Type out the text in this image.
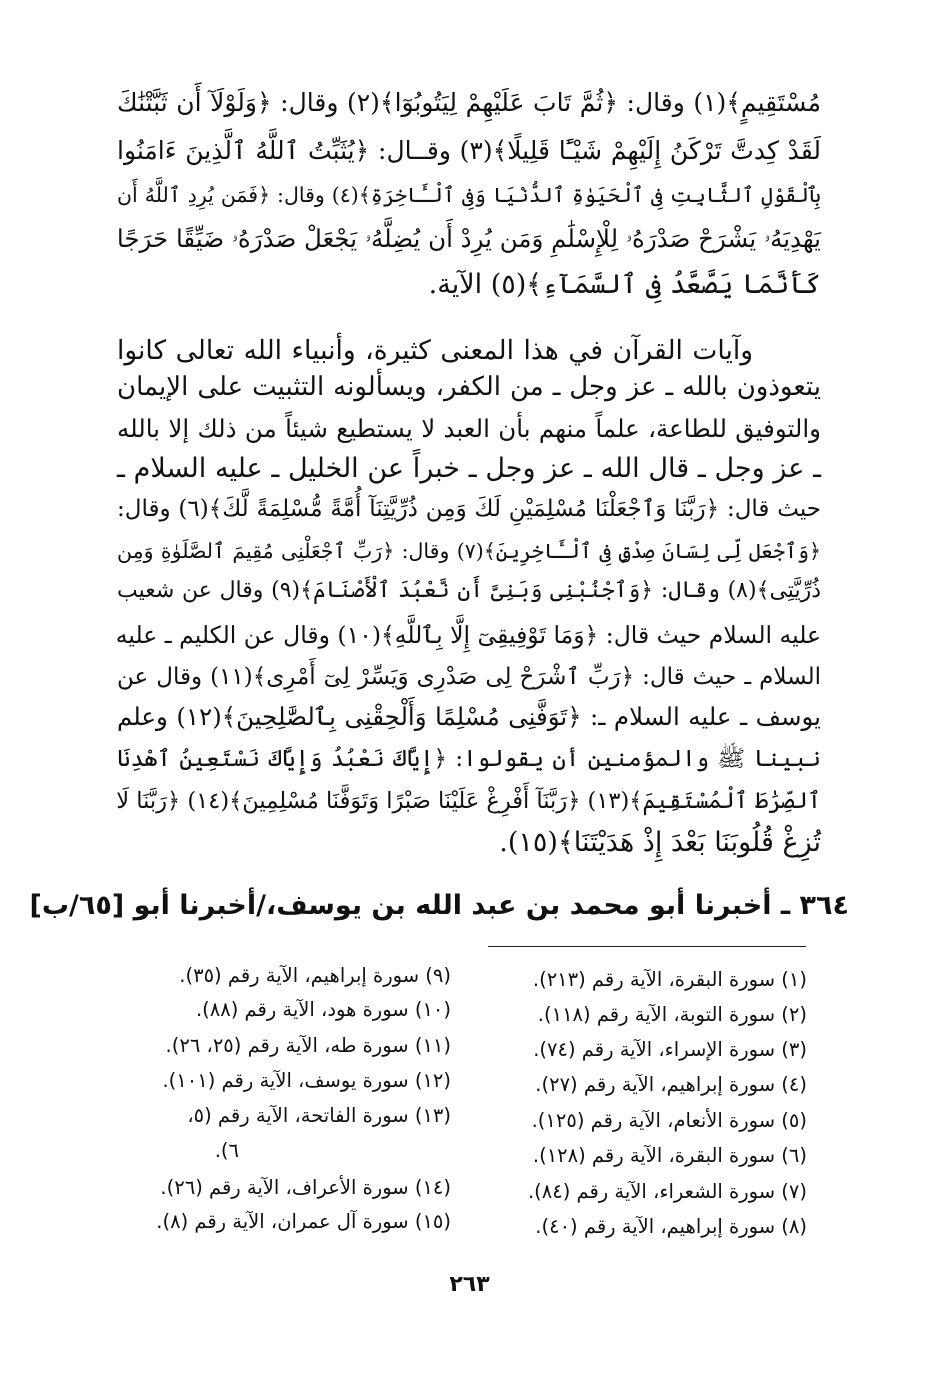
مُسْتَقِيمٍ﴾(١) وقال: ﴿ثُمَّ تَابَ عَلَيْهِمْ لِيَتُوبُوٓا﴾(٢) وقال: ﴿وَلَوْلَآ أَن ثَبَّتْنَٰكَ
لَقَدْ كِدتَّ تَرْكَنُ إِلَيْهِمْ شَيْـًٔا قَلِيلًا﴾(٣) وقــال: ﴿يُثَبِّتُ ٱللَّهُ ٱلَّذِينَ ءَامَنُوا
بِٱلْقَوْلِ ٱلثَّابِتِ فِى ٱلْحَيَوٰةِ ٱلدُّنْيَا وَفِى ٱلْـَٔاخِرَةِ﴾(٤) وقال: ﴿فَمَن يُرِدِ ٱللَّهُ أَن
يَهْدِيَهُۥ يَشْرَحْ صَدْرَهُۥ لِلْإِسْلَٰمِ وَمَن يُرِدْ أَن يُضِلَّهُۥ يَجْعَلْ صَدْرَهُۥ ضَيِّقًا حَرَجًا
كَأَنَّمَا يَصَّعَّدُ فِى ٱلسَّمَآءِ﴾(٥) الآية.
وآيات القرآن في هذا المعنى كثيرة، وأنبياء الله تعالى كانوا
يتعوذون بالله ـ عز وجل ـ من الكفر، ويسألونه التثبيت على الإيمان
والتوفيق للطاعة، علماً منهم بأن العبد لا يستطيع شيئاً من ذلك إلا بالله
ـ عز وجل ـ قال الله ـ عز وجل ـ خبراً عن الخليل ـ عليه السلام ـ
حيث قال: ﴿رَبَّنَا وَٱجْعَلْنَا مُسْلِمَيْنِ لَكَ وَمِن ذُرِّيَّتِنَآ أُمَّةً مُّسْلِمَةً لَّكَ﴾(٦) وقال:
﴿وَٱجْعَل لِّى لِسَانَ صِدْقٍ فِى ٱلْـَٔاخِرِينَ﴾(٧) وقال: ﴿رَبِّ ٱجْعَلْنِى مُقِيمَ ٱلصَّلَوٰةِ وَمِن
ذُرِّيَّتِى﴾(٨) وقال: ﴿وَٱجْنُبْنِى وَبَنِىَّ أَن نَّعْبُدَ ٱلْأَصْنَامَ﴾(٩) وقال عن شعيب
عليه السلام حيث قال: ﴿وَمَا تَوْفِيقِىٓ إِلَّا بِٱللَّهِ﴾(١٠) وقال عن الكليم ـ عليه
السلام ـ حيث قال: ﴿رَبِّ ٱشْرَحْ لِى صَدْرِى وَيَسِّرْ لِىٓ أَمْرِى﴾(١١) وقال عن
يوسف ـ عليه السلام ـ: ﴿تَوَفَّنِى مُسْلِمًا وَأَلْحِقْنِى بِٱلصَّٰلِحِينَ﴾(١٢) وعلم
نبينا ﷺ والمؤمنين أن يقولوا: ﴿إِيَّاكَ نَعْبُدُ وَإِيَّاكَ نَسْتَعِينُ ٱهْدِنَا
ٱلصِّرَٰطَ ٱلْمُسْتَقِيمَ﴾(١٣) ﴿رَبَّنَآ أَفْرِغْ عَلَيْنَا صَبْرًا وَتَوَفَّنَا مُسْلِمِينَ﴾(١٤) ﴿رَبَّنَا لَا
تُزِغْ قُلُوبَنَا بَعْدَ إِذْ هَدَيْتَنَا﴾(١٥).
٣٦٤ ـ أخبرنا أبو محمد بن عبد الله بن يوسف،/أخبرنا أبو [٦٥/ب]
(١) سورة البقرة، الآية رقم (٢١٣).
(٢) سورة التوبة، الآية رقم (١١٨).
(٣) سورة الإسراء، الآية رقم (٧٤).
(٤) سورة إبراهيم، الآية رقم (٢٧).
(٥) سورة الأنعام، الآية رقم (١٢٥).
(٦) سورة البقرة، الآية رقم (١٢٨).
(٧) سورة الشعراء، الآية رقم (٨٤).
(٨) سورة إبراهيم، الآية رقم (٤٠).
(٩) سورة إبراهيم، الآية رقم (٣٥).
(١٠) سورة هود، الآية رقم (٨٨).
(١١) سورة طه، الآية رقم (٢٥، ٢٦).
(١٢) سورة يوسف، الآية رقم (١٠١).
(١٣) سورة الفاتحة، الآية رقم (٥،
٦).
(١٤) سورة الأعراف، الآية رقم (٢٦).
(١٥) سورة آل عمران، الآية رقم (٨).
٢٦٣
